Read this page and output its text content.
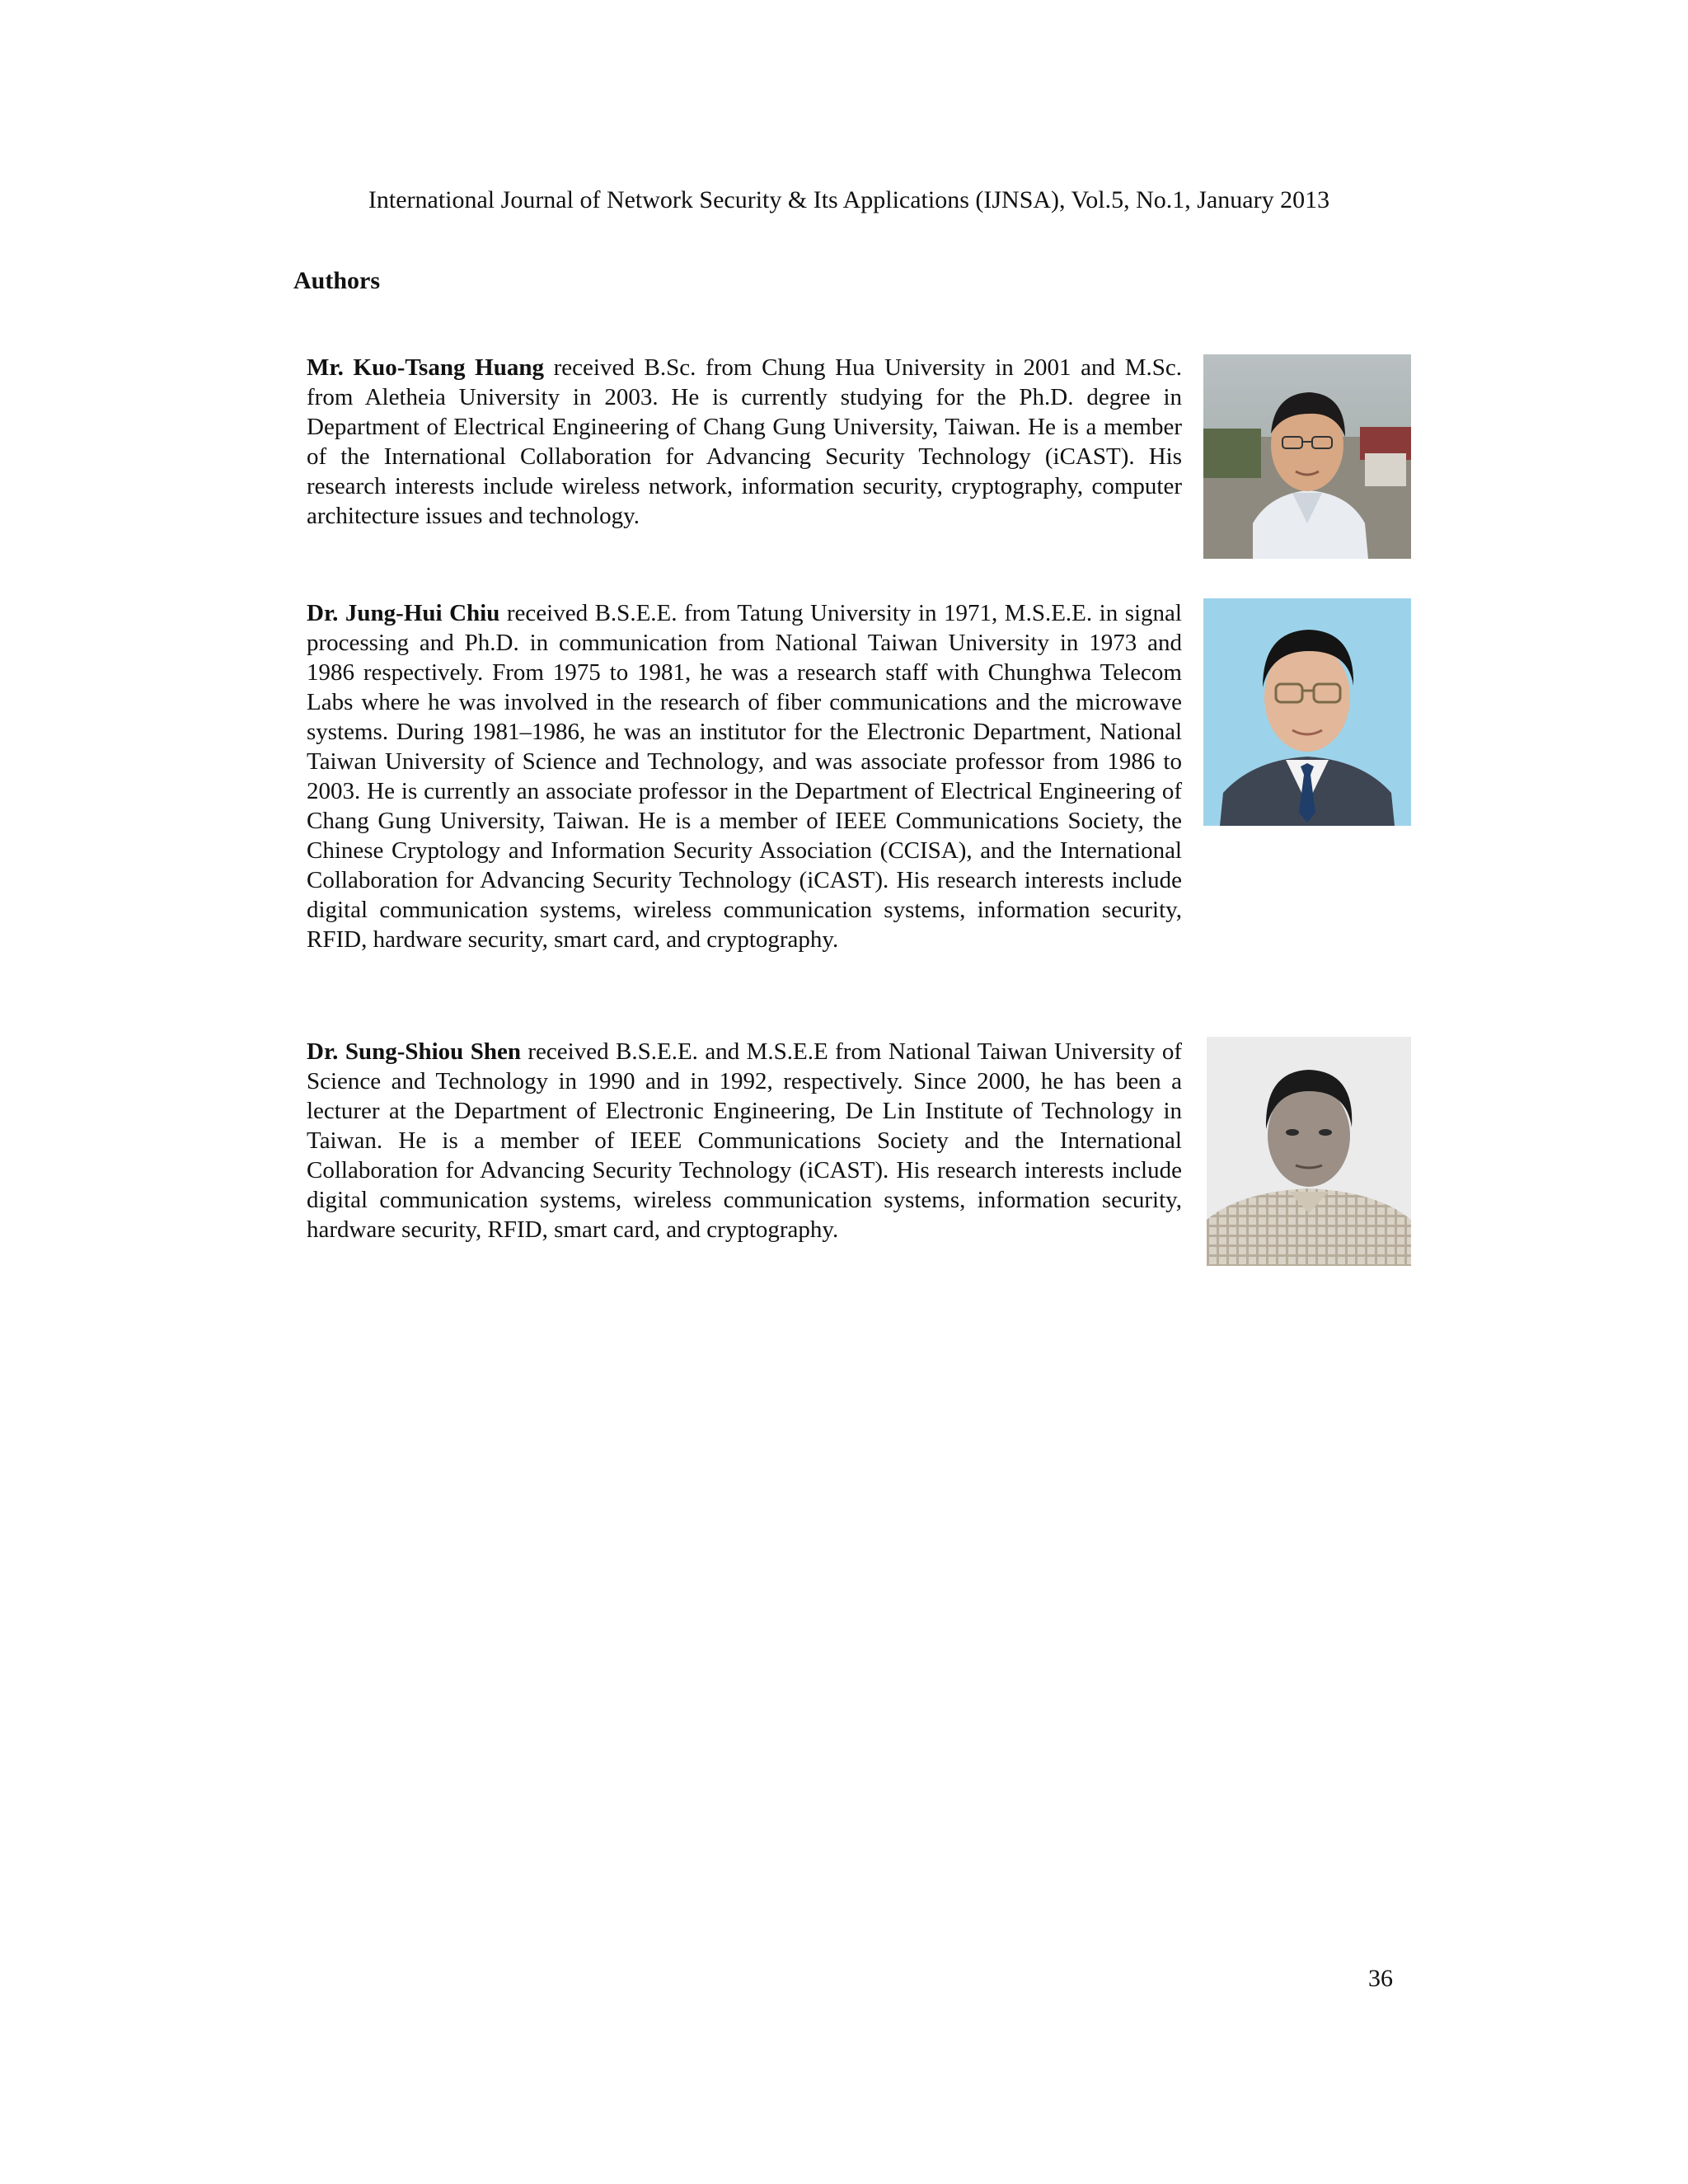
International Journal of Network Security & Its Applications (IJNSA), Vol.5, No.1, January 2013
Authors

Mr. Kuo-Tsang Huang received B.Sc. from Chung Hua University in 2001 and M.Sc. from Aletheia University in 2003. He is currently studying for the Ph.D. degree in Department of Electrical Engineering of Chang Gung University, Taiwan. He is a member of the International Collaboration for Advancing Security Technology (iCAST). His research interests include wireless network, information security, cryptography, computer architecture issues and technology.

Dr. Jung-Hui Chiu received B.S.E.E. from Tatung University in 1971, M.S.E.E. in signal processing and Ph.D. in communication from National Taiwan University in 1973 and 1986 respectively. From 1975 to 1981, he was a research staff with Chunghwa Telecom Labs where he was involved in the research of fiber communications and the microwave systems. During 1981–1986, he was an institutor for the Electronic Department, National Taiwan University of Science and Technology, and was associate professor from 1986 to 2003. He is currently an associate professor in the Department of Electrical Engineering of Chang Gung University, Taiwan. He is a member of IEEE Communications Society, the Chinese Cryptology and Information Security Association (CCISA), and the International Collaboration for Advancing Security Technology (iCAST). His research interests include digital communication systems, wireless communication systems, information security, RFID, hardware security, smart card, and cryptography.

Dr. Sung-Shiou Shen received B.S.E.E. and M.S.E.E from National Taiwan University of Science and Technology in 1990 and in 1992, respectively. Since 2000, he has been a lecturer at the Department of Electronic Engineering, De Lin Institute of Technology in Taiwan. He is a member of IEEE Communications Society and the International Collaboration for Advancing Security Technology (iCAST). His research interests include digital communication systems, wireless communication systems, information security, hardware security, RFID, smart card, and cryptography.

36
